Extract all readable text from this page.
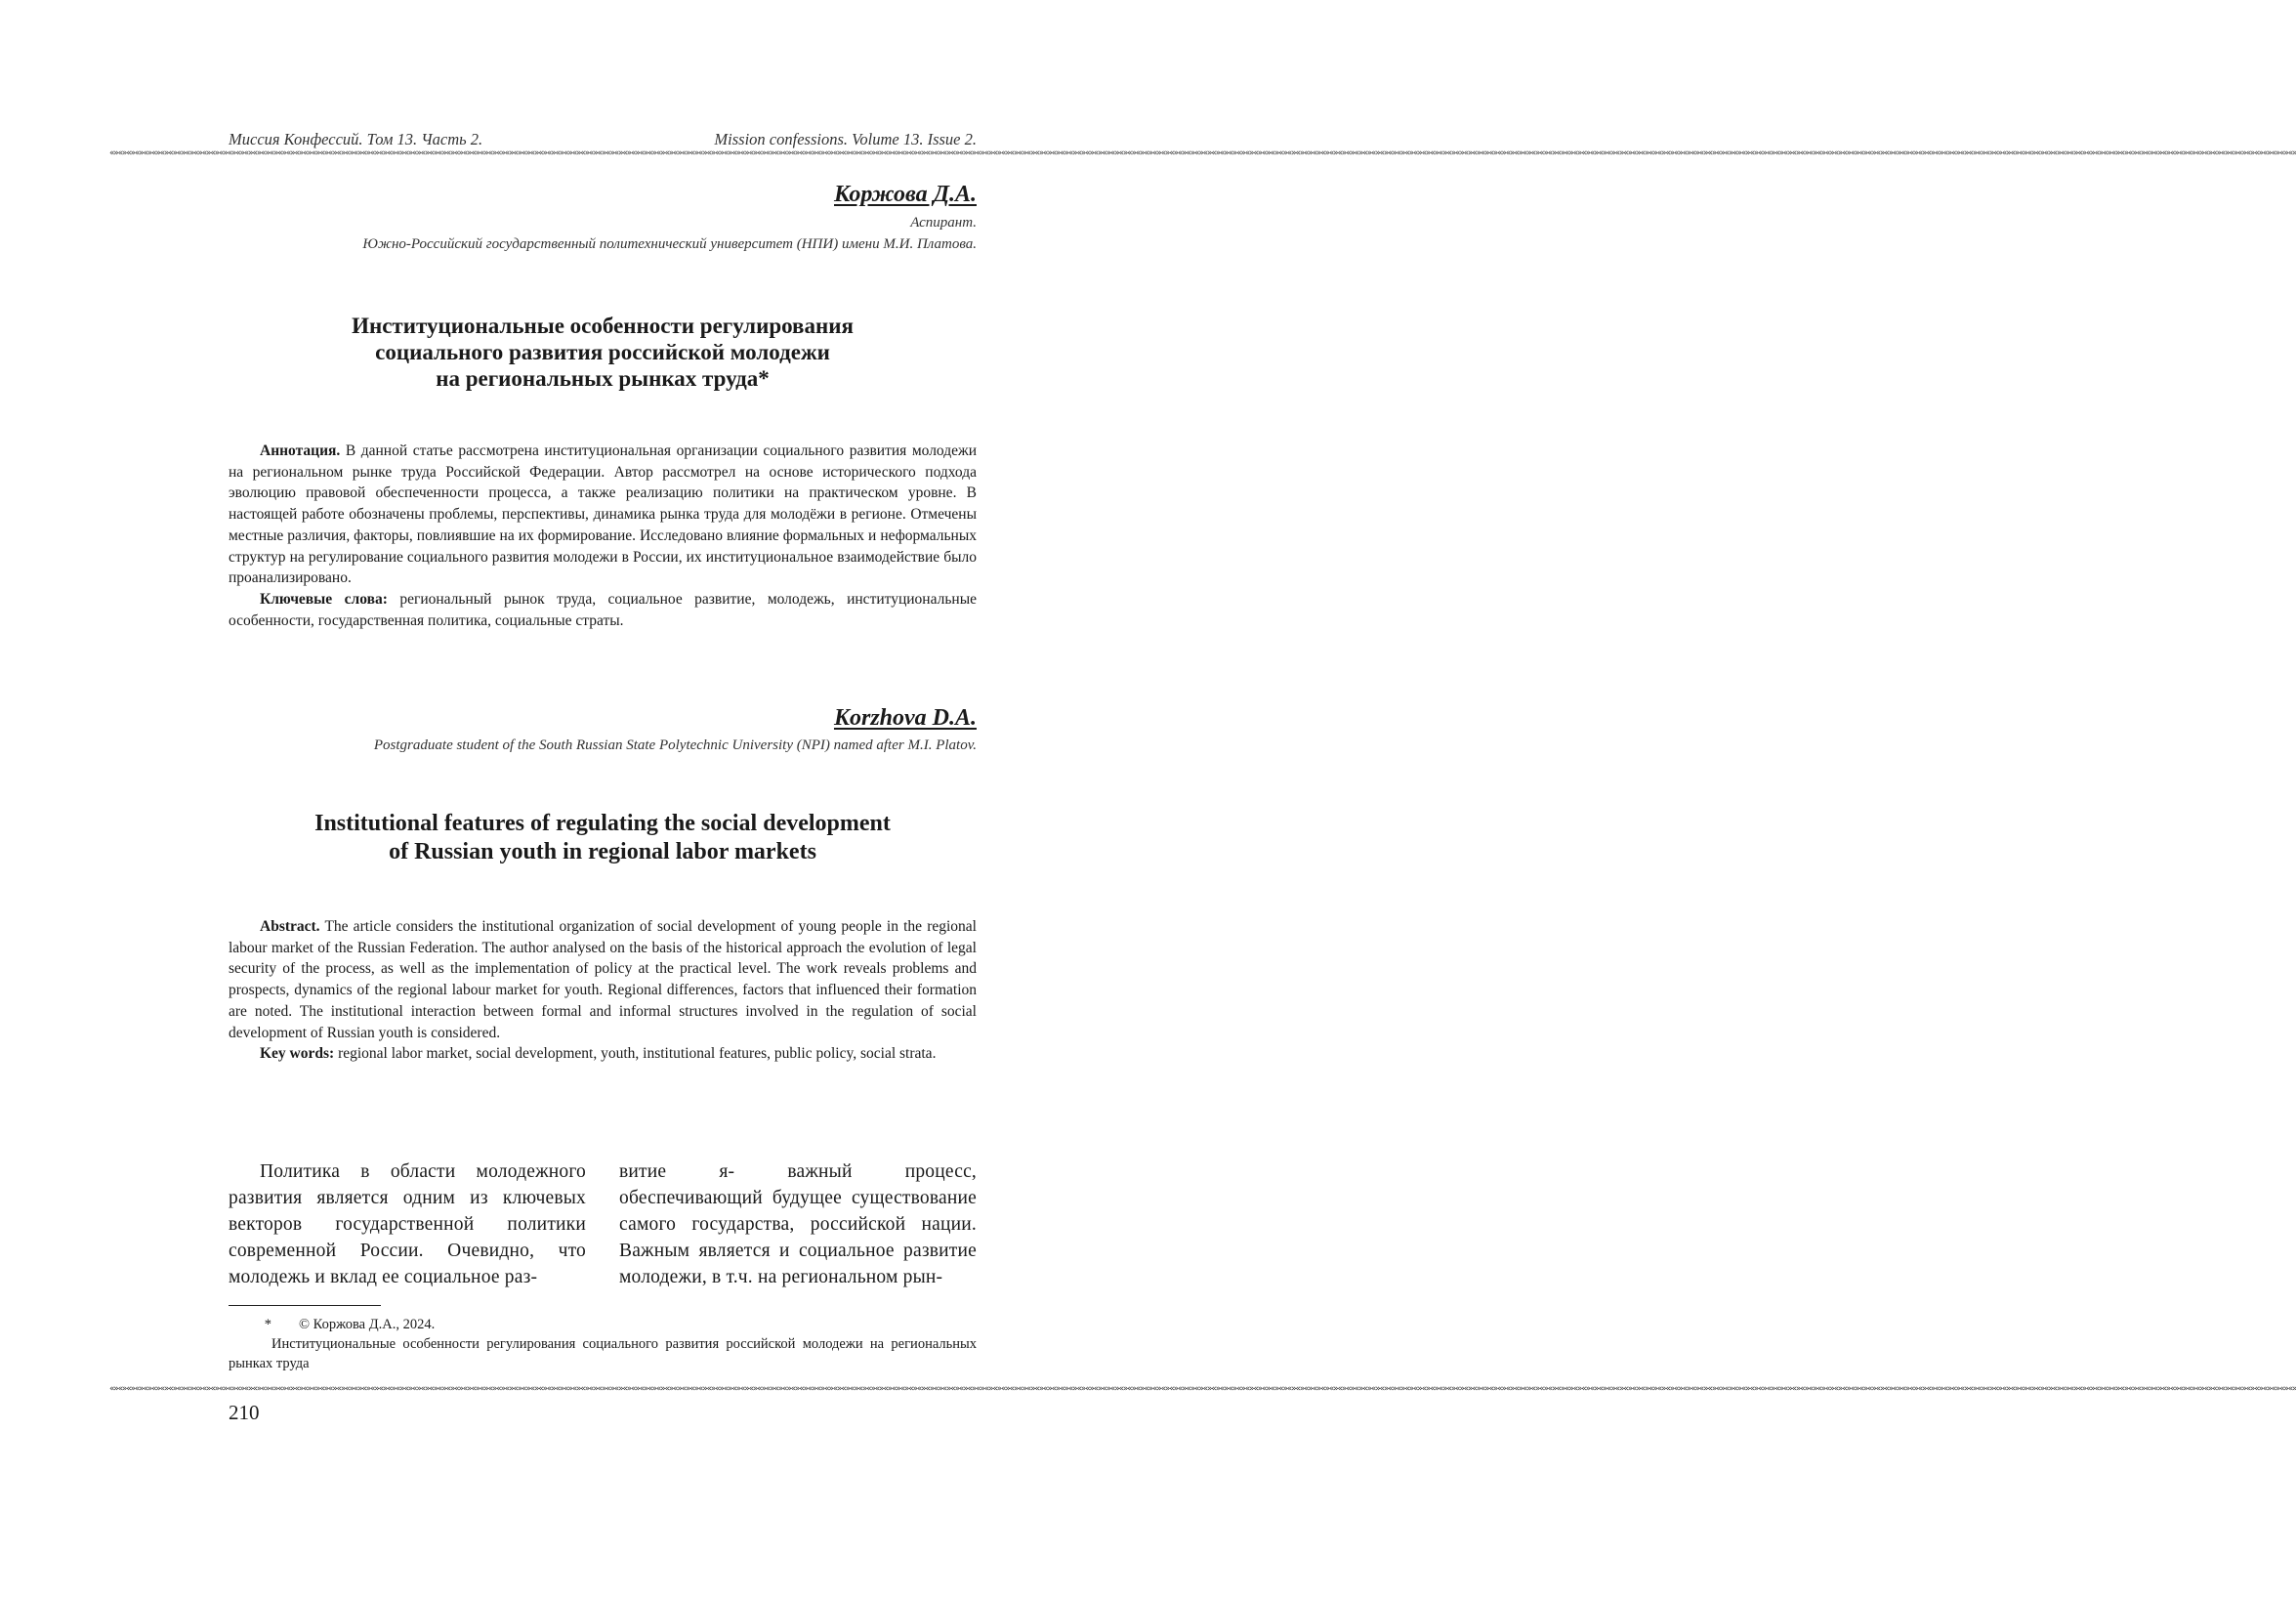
Миссия Конфессий. Том 13. Часть 2.	Mission confessions. Volume 13. Issue 2.
«»«»«»«»«»«»«»«»«»«»«»«»«»«»«»«»«»«»«»«»«»«»«»«»«»«»«»«»«»«»«»«»«»«»«»«»«»«»«»«»«»«»«»«»«»«»«»«»«»«»«»«»«»«»«»«»«»«»«»«»«»«»«»«»«»«»«»«»«»«»«»«»«»«»«»«»«»«»«»«»«»«»«»«»«»«»«»«»«»«»«»«»«»«»«»«»«»«»«»«»«»«»«»«»«»«»«»«»«»«»«»«»«»«»«»«»«»«»«»«»«»«»«»«»«»«»«»«»«»«»«»«»«»«»«»«»«»«»«»«»«»«»«»«»«»«»«»«»«»«»«»«»«»«»«»«»«»«»«»«»«»«»«»«»«»«»«»«»«»«»«»«»«»«»«»«»«»«»«»«»«»«»«»«»«»«»«»«»«»«»«»«»«»«»«»«»«»«»«»«»«»«»«»«»«»«»«»«»«»«»«»«»«»«»«»«»«»«»«»«»«»«»«»«»«»«»«»«»«»«»«»«»«»«»«»«»«»«»«»«»«»«»«»«»«»«»«»«»«»«»«»«»«»«»«»«»«»«»«»«»
Коржова Д.А.
Аспирант.
Южно-Российский государственный политехнический университет (НПИ) имени М.И. Платова.
Институциональные особенности регулирования
социального развития российской молодежи
на региональных рынках труда*

Аннотация. В данной статье рассмотрена институциональная организации социального развития молодежи на региональном рынке труда Российской Федерации. Автор рассмотрел на основе исторического подхода эволюцию правовой обеспеченности процесса, а также реализацию политики на практическом уровне. В настоящей работе обозначены проблемы, перспективы, динамика рынка труда для молодёжи в регионе. Отмечены местные различия, факторы, повлиявшие на их формирование. Исследовано влияние формальных и неформальных структур на регулирование социального развития молодежи в России, их институциональное взаимодействие было проанализировано.

Ключевые слова: региональный рынок труда, социальное развитие, молодежь, институциональные особенности, государственная политика, социальные страты.

Korzhova D.A.
Postgraduate student of the South Russian State Polytechnic University (NPI) named after M.I. Platov.
Institutional features of regulating the social development
of Russian youth in regional labor markets

Abstract. The article considers the institutional organization of social development of young people in the regional labour market of the Russian Federation. The author analysed on the basis of the historical approach the evolution of legal security of the process, as well as the implementation of policy at the practical level. The work reveals problems and prospects, dynamics of the regional labour market for youth. Regional differences, factors that influenced their formation are noted. The institutional interaction between formal and informal structures involved in the regulation of social development of Russian youth is considered.

Key words: regional labor market, social development, youth, institutional features, public policy, social strata.

Политика в области молодежного развития является одним из ключевых векторов государственной политики современной России. Очевидно, что молодежь и вклад ее социальное раз-
витие я- важный процесс, обеспечивающий будущее существование самого государства, российской нации. Важным является и социальное развитие молодежи, в т.ч. на региональном рын-
* © Коржова Д.А., 2024.
Институциональные особенности регулирования социального развития российской молодежи на региональных рынках труда
«»«»«»«»«»«»«»«»«»«»«»«»«»«»«»«»«»«»«»«»«»«»«»«»«»«»«»«»«»«»«»«»«»«»«»«»«»«»«»«»«»«»«»«»«»«»«»«»«»«»«»«»«»«»«»«»«»«»«»«»«»«»«»«»«»«»«»«»«»«»«»«»«»«»«»«»«»«»«»«»«»«»«»«»«»«»«»«»«»«»«»«»«»«»«»«»«»«»«»«»«»«»«»«»«»«»«»«»«»«»«»«»«»«»«»«»«»«»«»«»«»«»«»«»«»«»«»«»«»«»«»«»«»«»«»«»«»«»«»«»«»«»«»«»«»«»«»«»«»«»«»«»«»«»«»«»«»«»«»«»«»«»«»«»«»«»«»«»«»«»«»«»«»«»«»«»«»«»«»«»«»«»«»«»«»«»«»«»«»«»«»«»«»«»«»«»«»«»«»«»«»«»«»«»«»«»«»«»«»«»«»«»«»«»«»«»«»«»«»«»«»«»«»«»«»«»«»«»«»«»«»«»«»«»«»«»«»«»«»«»«»«»«»«»«»«»«»«»«»«»«»«»«»«»«»«»«»«»«»«»
210
